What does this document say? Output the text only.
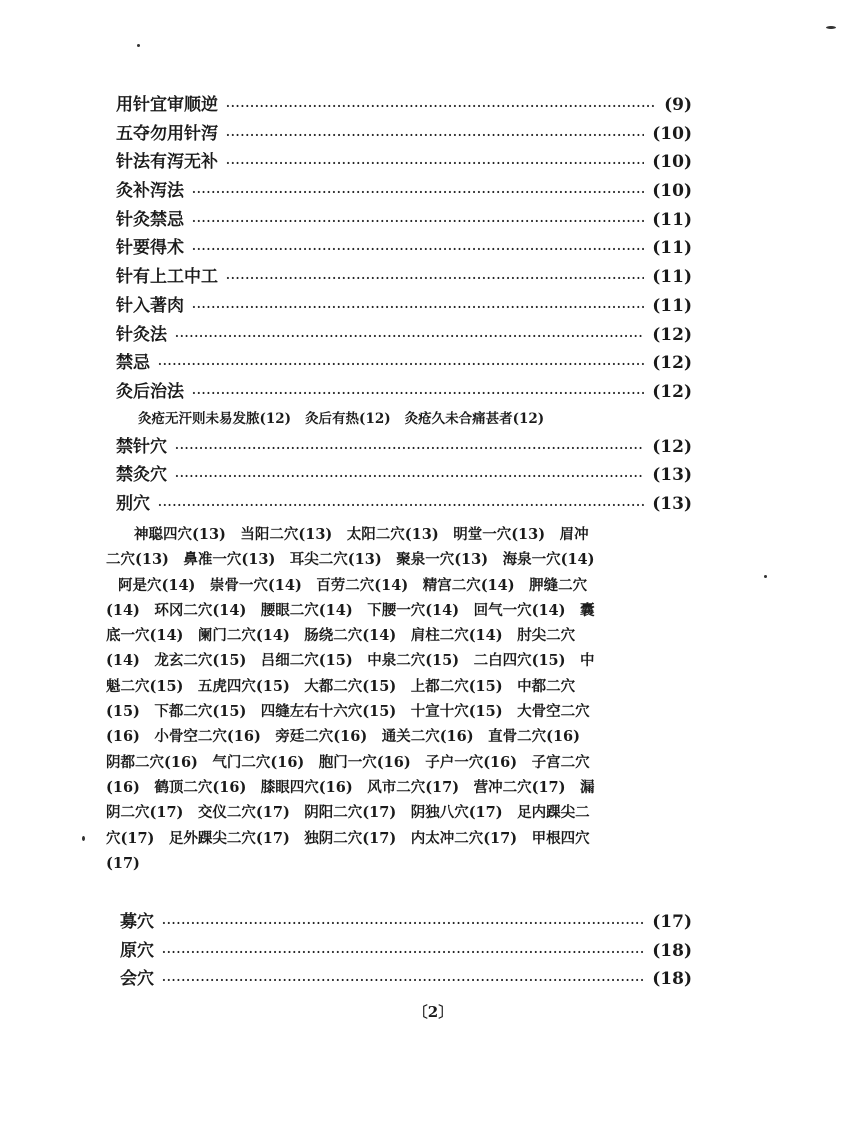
用针宜审顺逆 ·····	(9)
五夺勿用针泻 ·····	(10)
针法有泻无补 ·····	(10)
灸补泻法 ·····	(10)
针灸禁忌 ·····	(11)
针要得术 ·····	(11)
针有上工中工 ·····	(11)
针入著肉 ·····	(11)
针灸法 ·····	(12)
禁忌 ·····	(12)
灸后治法 ·····	(12)
灸疮无汗则未易发脓(12) 灸后有热(12) 灸疮久未合痛甚者(12)
禁针穴 ·····	(12)
禁灸穴 ·····	(13)
别穴 ·····	(13)
神聪四穴(13)　当阳二穴(13)　太阳二穴(13)　明堂一穴(13)　眉冲
二穴(13)　鼻准一穴(13)　耳尖二穴(13)　聚泉一穴(13)　海泉一穴(14)
阿是穴(14)　崇骨一穴(14)　百劳二穴(14)　精宫二穴(14)　胛缝二穴
(14)　环冈二穴(14)　腰眼二穴(14)　下腰一穴(14)　回气一穴(14)　囊
底一穴(14)　阑门二穴(14)　肠绕二穴(14)　肩柱二穴(14)　肘尖二穴
(14)　龙玄二穴(15)　吕细二穴(15)　中泉二穴(15)　二白四穴(15)　中
魁二穴(15)　五虎四穴(15)　大都二穴(15)　上都二穴(15)　中都二穴
(15)　下都二穴(15)　四缝左右十六穴(15)　十宣十穴(15)　大骨空二穴
(16)　小骨空二穴(16)　旁廷二穴(16)　通关二穴(16)　直骨二穴(16)
阴都二穴(16)　气门二穴(16)　胞门一穴(16)　子户一穴(16)　子宫二穴
(16)　鹤顶二穴(16)　膝眼四穴(16)　风市二穴(17)　营冲二穴(17)　漏
阴二穴(17)　交仪二穴(17)　阴阳二穴(17)　阴独八穴(17)　足内踝尖二
穴(17)　足外踝尖二穴(17)　独阴二穴(17)　内太冲二穴(17)　甲根四穴
(17)
募穴 ·····	(17)
原穴 ·····	(18)
会穴 ·····	(18)
〔2〕
